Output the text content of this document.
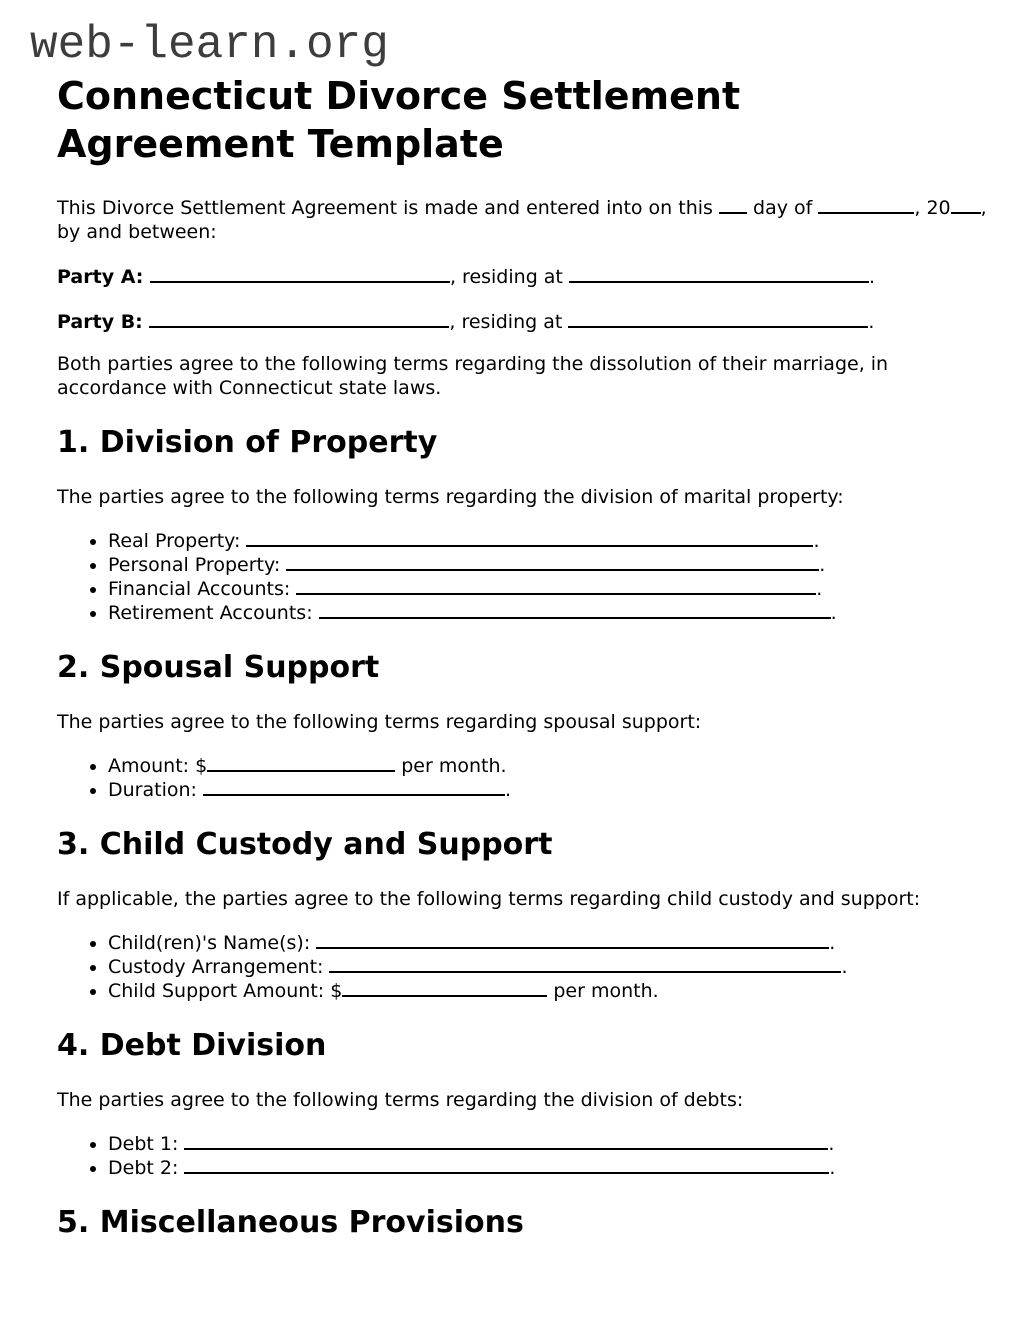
web-learn.org
Connecticut Divorce Settlement Agreement Template

This Divorce Settlement Agreement is made and entered into on this  day of	, 20 , by and between:

Party A:	, residing at	.

Party B:	, residing at	.

Both parties agree to the following terms regarding the dissolution of their marriage, in accordance with Connecticut state laws.

1. Division of Property

The parties agree to the following terms regarding the division of marital property:

• Real Property:	.
• Personal Property:	.
• Financial Accounts:	.
• Retirement Accounts:	.
2. Spousal Support

The parties agree to the following terms regarding spousal support:

• Amount: $	per month.
• Duration:	.
3. Child Custody and Support

If applicable, the parties agree to the following terms regarding child custody and support:

• Child(ren)'s Name(s):	.
• Custody Arrangement:	.
• Child Support Amount: $	per month.
4. Debt Division

The parties agree to the following terms regarding the division of debts:

• Debt 1:	.
• Debt 2:	.
5. Miscellaneous Provisions
